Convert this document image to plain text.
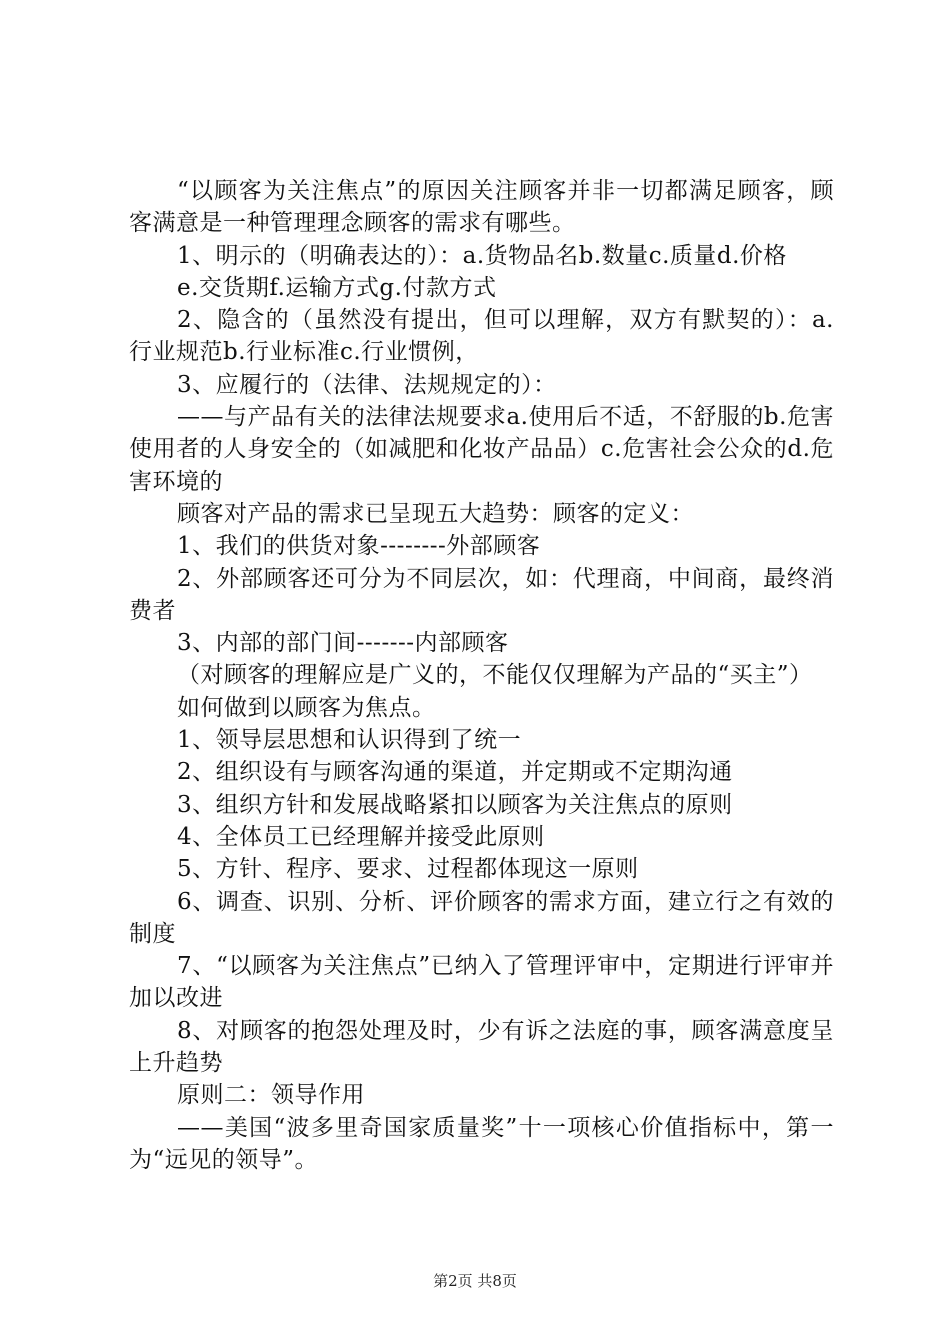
“以顾客为关注焦点”的原因关注顾客并非一切都满足顾客，顾客满意是一种管理理念顾客的需求有哪些。

1、明示的（明确表达的）：a.货物品名b.数量c.质量d.价格

e.交货期f.运输方式g.付款方式

2、隐含的（虽然没有提出，但可以理解，双方有默契的）：a.行业规范b.行业标准c.行业惯例，

3、应履行的（法律、法规规定的）：

——与产品有关的法律法规要求a.使用后不适，不舒服的b.危害使用者的人身安全的（如减肥和化妆产品品）c.危害社会公众的d.危害环境的

顾客对产品的需求已呈现五大趋势：顾客的定义：

1、我们的供货对象--------外部顾客

2、外部顾客还可分为不同层次，如：代理商，中间商，最终消费者

3、内部的部门间-------内部顾客

（对顾客的理解应是广义的，不能仅仅理解为产品的“买主”）

如何做到以顾客为焦点。

1、领导层思想和认识得到了统一

2、组织设有与顾客沟通的渠道，并定期或不定期沟通

3、组织方针和发展战略紧扣以顾客为关注焦点的原则

4、全体员工已经理解并接受此原则

5、方针、程序、要求、过程都体现这一原则

6、调查、识别、分析、评价顾客的需求方面，建立行之有效的制度

7、“以顾客为关注焦点”已纳入了管理评审中，定期进行评审并加以改进

8、对顾客的抱怨处理及时，少有诉之法庭的事，顾客满意度呈上升趋势

原则二：领导作用

——美国“波多里奇国家质量奖”十一项核心价值指标中，第一为“远见的领导”。

第2页 共8页
